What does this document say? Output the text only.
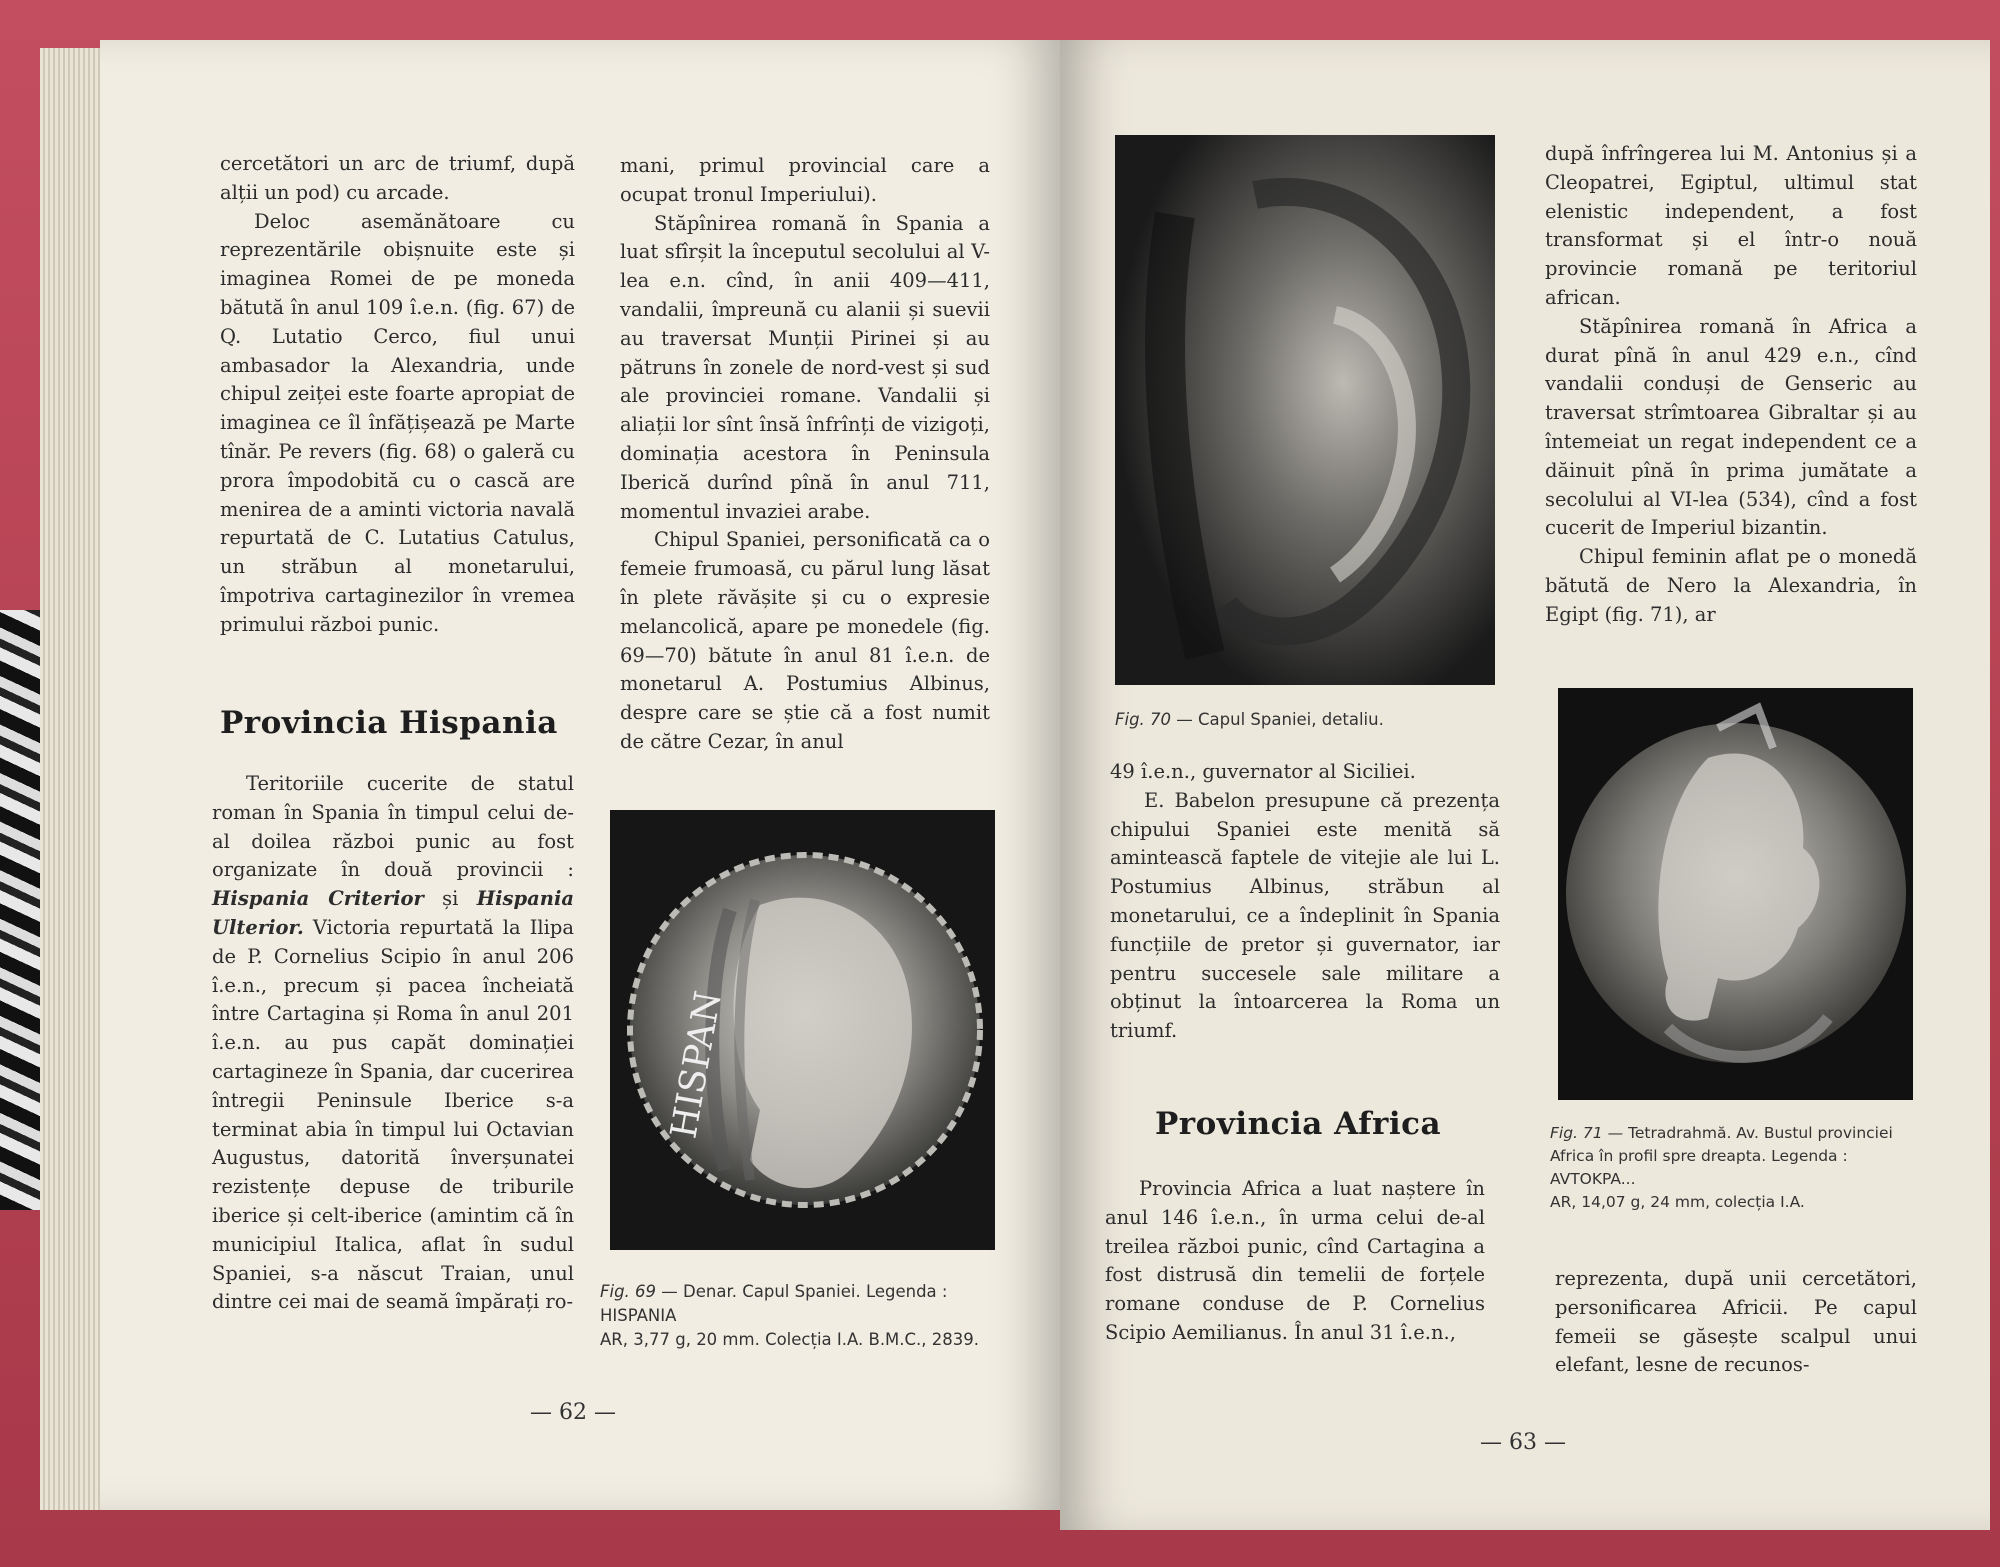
cercetători un arc de triumf, după alții un pod) cu arcade.

Deloc asemănătoare cu reprezentările obișnuite este și imaginea Romei de pe moneda bătută în anul 109 î.e.n. (fig. 67) de Q. Lutatio Cerco, fiul unui ambasador la Alexandria, unde chipul zeiței este foarte apropiat de imaginea ce îl înfățișează pe Marte tînăr. Pe revers (fig. 68) o galeră cu prora împodobită cu o cască are menirea de a aminti victoria navală repurtată de C. Lutatius Catulus, un străbun al monetarului, împotriva cartaginezilor în vremea primului război punic.

Provincia Hispania

Teritoriile cucerite de statul roman în Spania în timpul celui de-al doilea război punic au fost organizate în două provincii : Hispania Criterior și Hispania Ulterior. Victoria repurtată la Ilipa de P. Cornelius Scipio în anul 206 î.e.n., precum și pacea încheiată între Cartagina și Roma în anul 201 î.e.n. au pus capăt dominației cartagineze în Spania, dar cucerirea întregii Peninsule Iberice s-a terminat abia în timpul lui Octavian Augustus, datorită înverșunatei rezistențe depuse de triburile iberice și celt-iberice (amintim că în municipiul Italica, aflat în sudul Spaniei, s-a născut Traian, unul dintre cei mai de seamă împărați ro-

mani, primul provincial care a ocupat tronul Imperiului).

Stăpînirea romană în Spania a luat sfîrșit la începutul secolului al V-lea e.n. cînd, în anii 409—411, vandalii, împreună cu alanii și suevii au traversat Munții Pirinei și au pătruns în zonele de nord-vest și sud ale provinciei romane. Vandalii și aliații lor sînt însă înfrînți de vizigoți, dominația acestora în Peninsula Iberică durînd pînă în anul 711, momentul invaziei arabe.

Chipul Spaniei, personificată ca o femeie frumoasă, cu părul lung lăsat în plete răvășite și cu o expresie melancolică, apare pe monedele (fig. 69—70) bătute în anul 81 î.e.n. de monetarul A. Postumius Albinus, despre care se știe că a fost numit de către Cezar, în anul

HISPAN
Fig. 69 — Denar. Capul Spaniei. Legenda : HISPANIA
AR, 3,77 g, 20 mm. Colecția I.A. B.M.C., 2839.
— 62 —
Fig. 70 — Capul Spaniei, detaliu.

49 î.e.n., guvernator al Siciliei.

E. Babelon presupune că prezența chipului Spaniei este menită să amintească faptele de vitejie ale lui L. Postumius Albinus, străbun al monetarului, ce a îndeplinit în Spania funcțiile de pretor și guvernator, iar pentru succesele sale militare a obținut la întoarcerea la Roma un triumf.

Provincia Africa

Provincia Africa a luat naștere în anul 146 î.e.n., în urma celui de-al treilea război punic, cînd Cartagina a fost distrusă din temelii de forțele romane conduse de P. Cornelius Scipio Aemilianus. În anul 31 î.e.n.,

după înfrîngerea lui M. Antonius și a Cleopatrei, Egiptul, ultimul stat elenistic independent, a fost transformat și el într-o nouă provincie romană pe teritoriul african.

Stăpînirea romană în Africa a durat pînă în anul 429 e.n., cînd vandalii conduși de Genseric au traversat strîmtoarea Gibraltar și au întemeiat un regat independent ce a dăinuit pînă în prima jumătate a secolului al VI-lea (534), cînd a fost cucerit de Imperiul bizantin.

Chipul feminin aflat pe o monedă bătută de Nero la Alexandria, în Egipt (fig. 71), ar

Fig. 71 — Tetradrahmă. Av. Bustul provinciei Africa în profil spre dreapta. Legenda : AVTOKPA...
AR, 14,07 g, 24 mm, colecția I.A.

reprezenta, după unii cercetători, personificarea Africii. Pe capul femeii se găsește scalpul unui elefant, lesne de recunos-

— 63 —
